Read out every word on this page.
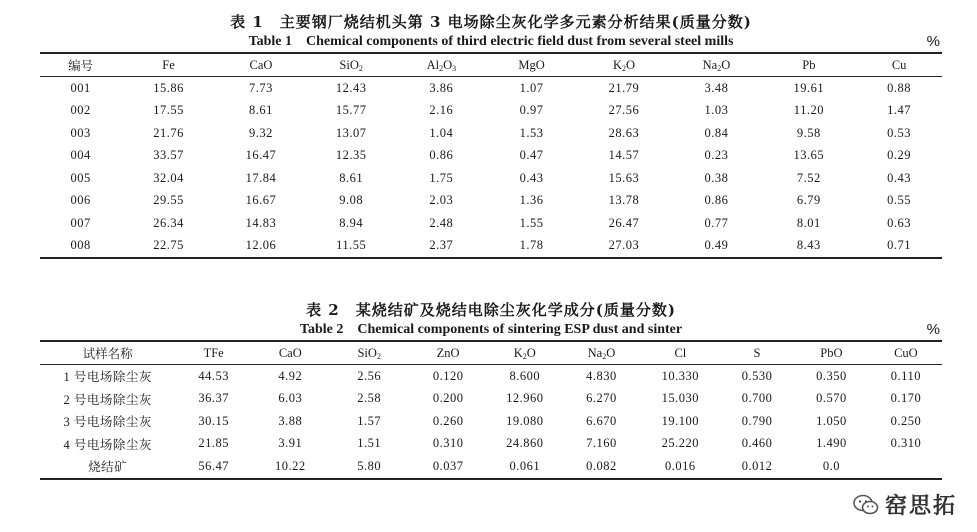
表 1　主要钢厂烧结机头第 3 电场除尘灰化学多元素分析结果(质量分数)
Table 1　Chemical components of third electric field dust from several steel mills	%
编号	Fe	CaO	SiO$_2$	$Al_2O_3$	MgO	$K_2O$	$Na_2O$	Pb	Cu
001	15.86	7.73	12.43	3.86	1.07	21.79	3.48	19.61	0.88
002	17.55	8.61	15.77	2.16	0.97	27.56	1.03	11.20	1.47
003	21.76	9.32	13.07	1.04	1.53	28.63	0.84	9.58	0.53
004	33.57	16.47	12.35	0.86	0.47	14.57	0.23	13.65	0.29
005	32.04	17.84	8.61	1.75	0.43	15.63	0.38	7.52	0.43
006	29.55	16.67	9.08	2.03	1.36	13.78	0.86	6.79	0.55
007	26.34	14.83	8.94	2.48	1.55	26.47	0.77	8.01	0.63
008	22.75	12.06	11.55	2.37	1.78	27.03	0.49	8.43	0.71
表 2　某烧结矿及烧结电除尘灰化学成分(质量分数)
Table 2　Chemical components of sintering ESP dust and sinter	%
试样名称	TFe	CaO	SiO$_2$	ZnO	$K_2O$	$Na_2O$	Cl	S	PbO	CuO
1 号电场除尘灰	44.53	4.92	2.56	0.120	8.600	4.830	10.330	0.530	0.350	0.110
2 号电场除尘灰	36.37	6.03	2.58	0.200	12.960	6.270	15.030	0.700	0.570	0.170
3 号电场除尘灰	30.15	3.88	1.57	0.260	19.080	6.670	19.100	0.790	1.050	0.250
4 号电场除尘灰	21.85	3.91	1.51	0.310	24.860	7.160	25.220	0.460	1.490	0.310
烧结矿	56.47	10.22	5.80	0.037	0.061	0.082	0.016	0.012	0.0	
窑思拓
